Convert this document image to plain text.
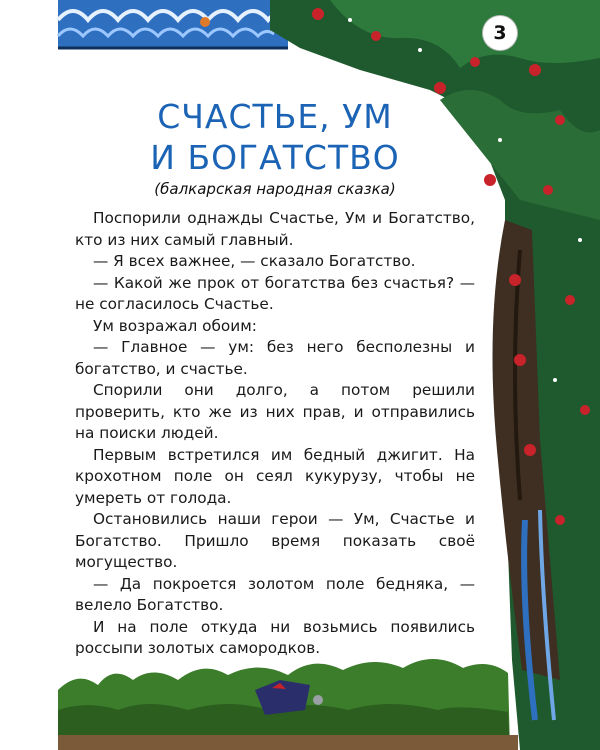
3
СЧАСТЬЕ, УМ
И БОГАТСТВО

(балкарская народная сказка)

Поспорили однажды Счастье, Ум и Богатство, кто из них самый главный.

— Я всех важнее, — сказало Богатство.

— Какой же прок от богатства без счастья? — не согласилось Счастье.

Ум возражал обоим:

— Главное — ум: без него бесполезны и богатство, и счастье.

Спорили они долго, а потом решили проверить, кто же из них прав, и отправились на поиски людей.

Первым встретился им бедный джигит. На крохотном поле он сеял кукурузу, чтобы не умереть от голода.

Остановились наши герои — Ум, Счастье и Богатство. Пришло время показать своё могущество.

— Да покроется золотом поле бедняка, — велело Богатство.

И на поле откуда ни возьмись появились россыпи золотых самородков.
